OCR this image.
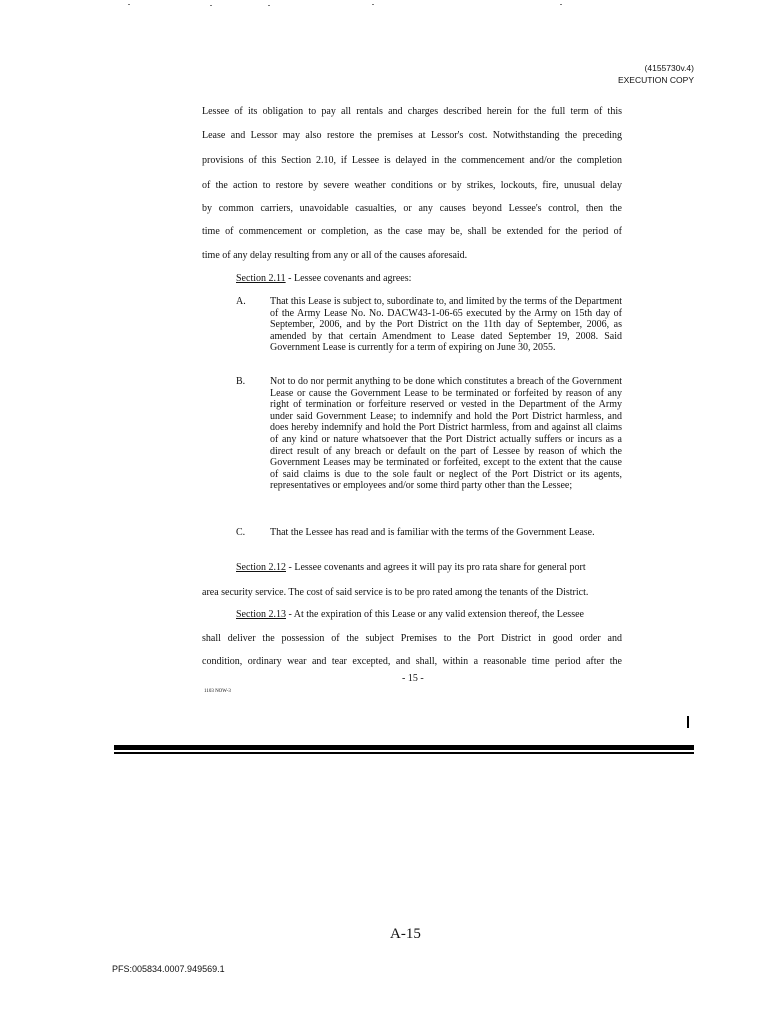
(4155730v.4)
EXECUTION COPY
Lessee of its obligation to pay all rentals and charges described herein for the full term of this
Lease and Lessor may also restore the premises at Lessor's cost. Notwithstanding the preceding
provisions of this Section 2.10, if Lessee is delayed in the commencement and/or the completion
of the action to restore by severe weather conditions or by strikes, lockouts, fire, unusual delay
by common carriers, unavoidable casualties, or any causes beyond Lessee's control, then the
time of commencement or completion, as the case may be, shall be extended for the period of
time of any delay resulting from any or all of the causes aforesaid.
Section 2.11 - Lessee covenants and agrees:
A. That this Lease is subject to, subordinate to, and limited by the terms of the Department of the Army Lease No. No. DACW43-1-06-65 executed by the Army on 15th day of September, 2006, and by the Port District on the 11th day of September, 2006, as amended by that certain Amendment to Lease dated September 19, 2008. Said Government Lease is currently for a term of expiring on June 30, 2055.
B. Not to do nor permit anything to be done which constitutes a breach of the Government Lease or cause the Government Lease to be terminated or forfeited by reason of any right of termination or forfeiture reserved or vested in the Department of the Army under said Government Lease; to indemnify and hold the Port District harmless, and does hereby indemnify and hold the Port District harmless, from and against all claims of any kind or nature whatsoever that the Port District actually suffers or incurs as a direct result of any breach or default on the part of Lessee by reason of which the Government Leases may be terminated or forfeited, except to the extent that the cause of said claims is due to the sole fault or neglect of the Port District or its agents, representatives or employees and/or some third party other than the Lessee;
C. That the Lessee has read and is familiar with the terms of the Government Lease.
Section 2.12 - Lessee covenants and agrees it will pay its pro rata share for general port
area security service. The cost of said service is to be pro rated among the tenants of the District.
Section 2.13 - At the expiration of this Lease or any valid extension thereof, the Lessee
shall deliver the possession of the subject Premises to the Port District in good order and
condition, ordinary wear and tear excepted, and shall, within a reasonable time period after the
- 15 -
1103 NOW-3
A-15
PFS:005834.0007.949569.1
